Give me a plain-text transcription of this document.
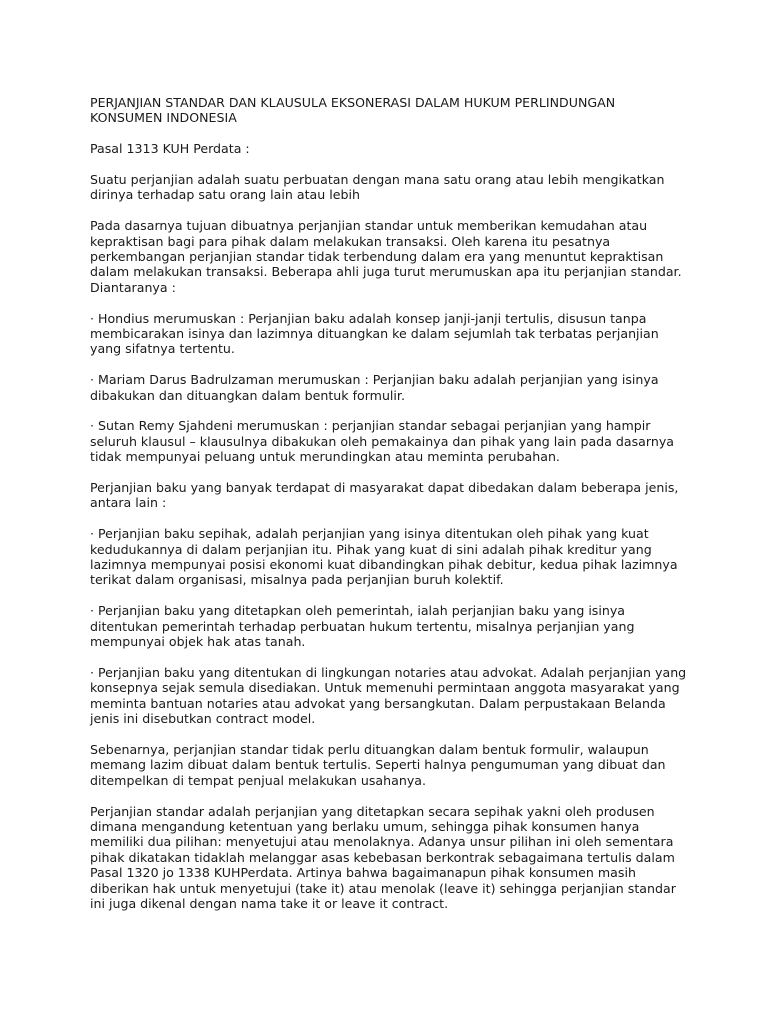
PERJANJIAN STANDAR DAN KLAUSULA EKSONERASI DALAM HUKUM PERLINDUNGAN KONSUMEN INDONESIA

Pasal 1313 KUH Perdata :

Suatu perjanjian adalah suatu perbuatan dengan mana satu orang atau lebih mengikatkan dirinya terhadap satu orang lain atau lebih

Pada dasarnya tujuan dibuatnya perjanjian standar untuk memberikan kemudahan atau kepraktisan bagi para pihak dalam melakukan transaksi. Oleh karena itu pesatnya perkembangan perjanjian standar tidak terbendung dalam era yang menuntut kepraktisan dalam melakukan transaksi. Beberapa ahli juga turut merumuskan apa itu perjanjian standar. Diantaranya :

· Hondius merumuskan : Perjanjian baku adalah konsep janji-janji tertulis, disusun tanpa membicarakan isinya dan lazimnya dituangkan ke dalam sejumlah tak terbatas perjanjian yang sifatnya tertentu.

· Mariam Darus Badrulzaman merumuskan : Perjanjian baku adalah perjanjian yang isinya dibakukan dan dituangkan dalam bentuk formulir.

· Sutan Remy Sjahdeni merumuskan : perjanjian standar sebagai perjanjian yang hampir seluruh klausul – klausulnya dibakukan oleh pemakainya dan pihak yang lain pada dasarnya tidak mempunyai peluang untuk merundingkan atau meminta perubahan.

Perjanjian baku yang banyak terdapat di masyarakat dapat dibedakan dalam beberapa jenis, antara lain :

· Perjanjian baku sepihak, adalah perjanjian yang isinya ditentukan oleh pihak yang kuat kedudukannya di dalam perjanjian itu. Pihak yang kuat di sini adalah pihak kreditur yang lazimnya mempunyai posisi ekonomi kuat dibandingkan pihak debitur, kedua pihak lazimnya terikat dalam organisasi, misalnya pada perjanjian buruh kolektif.

· Perjanjian baku yang ditetapkan oleh pemerintah, ialah perjanjian baku yang isinya ditentukan pemerintah terhadap perbuatan hukum tertentu, misalnya perjanjian yang mempunyai objek hak atas tanah.

· Perjanjian baku yang ditentukan di lingkungan notaries atau advokat. Adalah perjanjian yang konsepnya sejak semula disediakan. Untuk memenuhi permintaan anggota masyarakat yang meminta bantuan notaries atau advokat yang bersangkutan. Dalam perpustakaan Belanda jenis ini disebutkan contract model.

Sebenarnya, perjanjian standar tidak perlu dituangkan dalam bentuk formulir, walaupun memang lazim dibuat dalam bentuk tertulis. Seperti halnya pengumuman yang dibuat dan ditempelkan di tempat penjual melakukan usahanya.

Perjanjian standar adalah perjanjian yang ditetapkan secara sepihak yakni oleh produsen dimana mengandung ketentuan yang berlaku umum, sehingga pihak konsumen hanya memiliki dua pilihan: menyetujui atau menolaknya. Adanya unsur pilihan ini oleh sementara pihak dikatakan tidaklah melanggar asas kebebasan berkontrak sebagaimana tertulis dalam Pasal 1320 jo 1338 KUHPerdata. Artinya bahwa bagaimanapun pihak konsumen masih diberikan hak untuk menyetujui (take it) atau menolak (leave it) sehingga perjanjian standar ini juga dikenal dengan nama take it or leave it contract.
